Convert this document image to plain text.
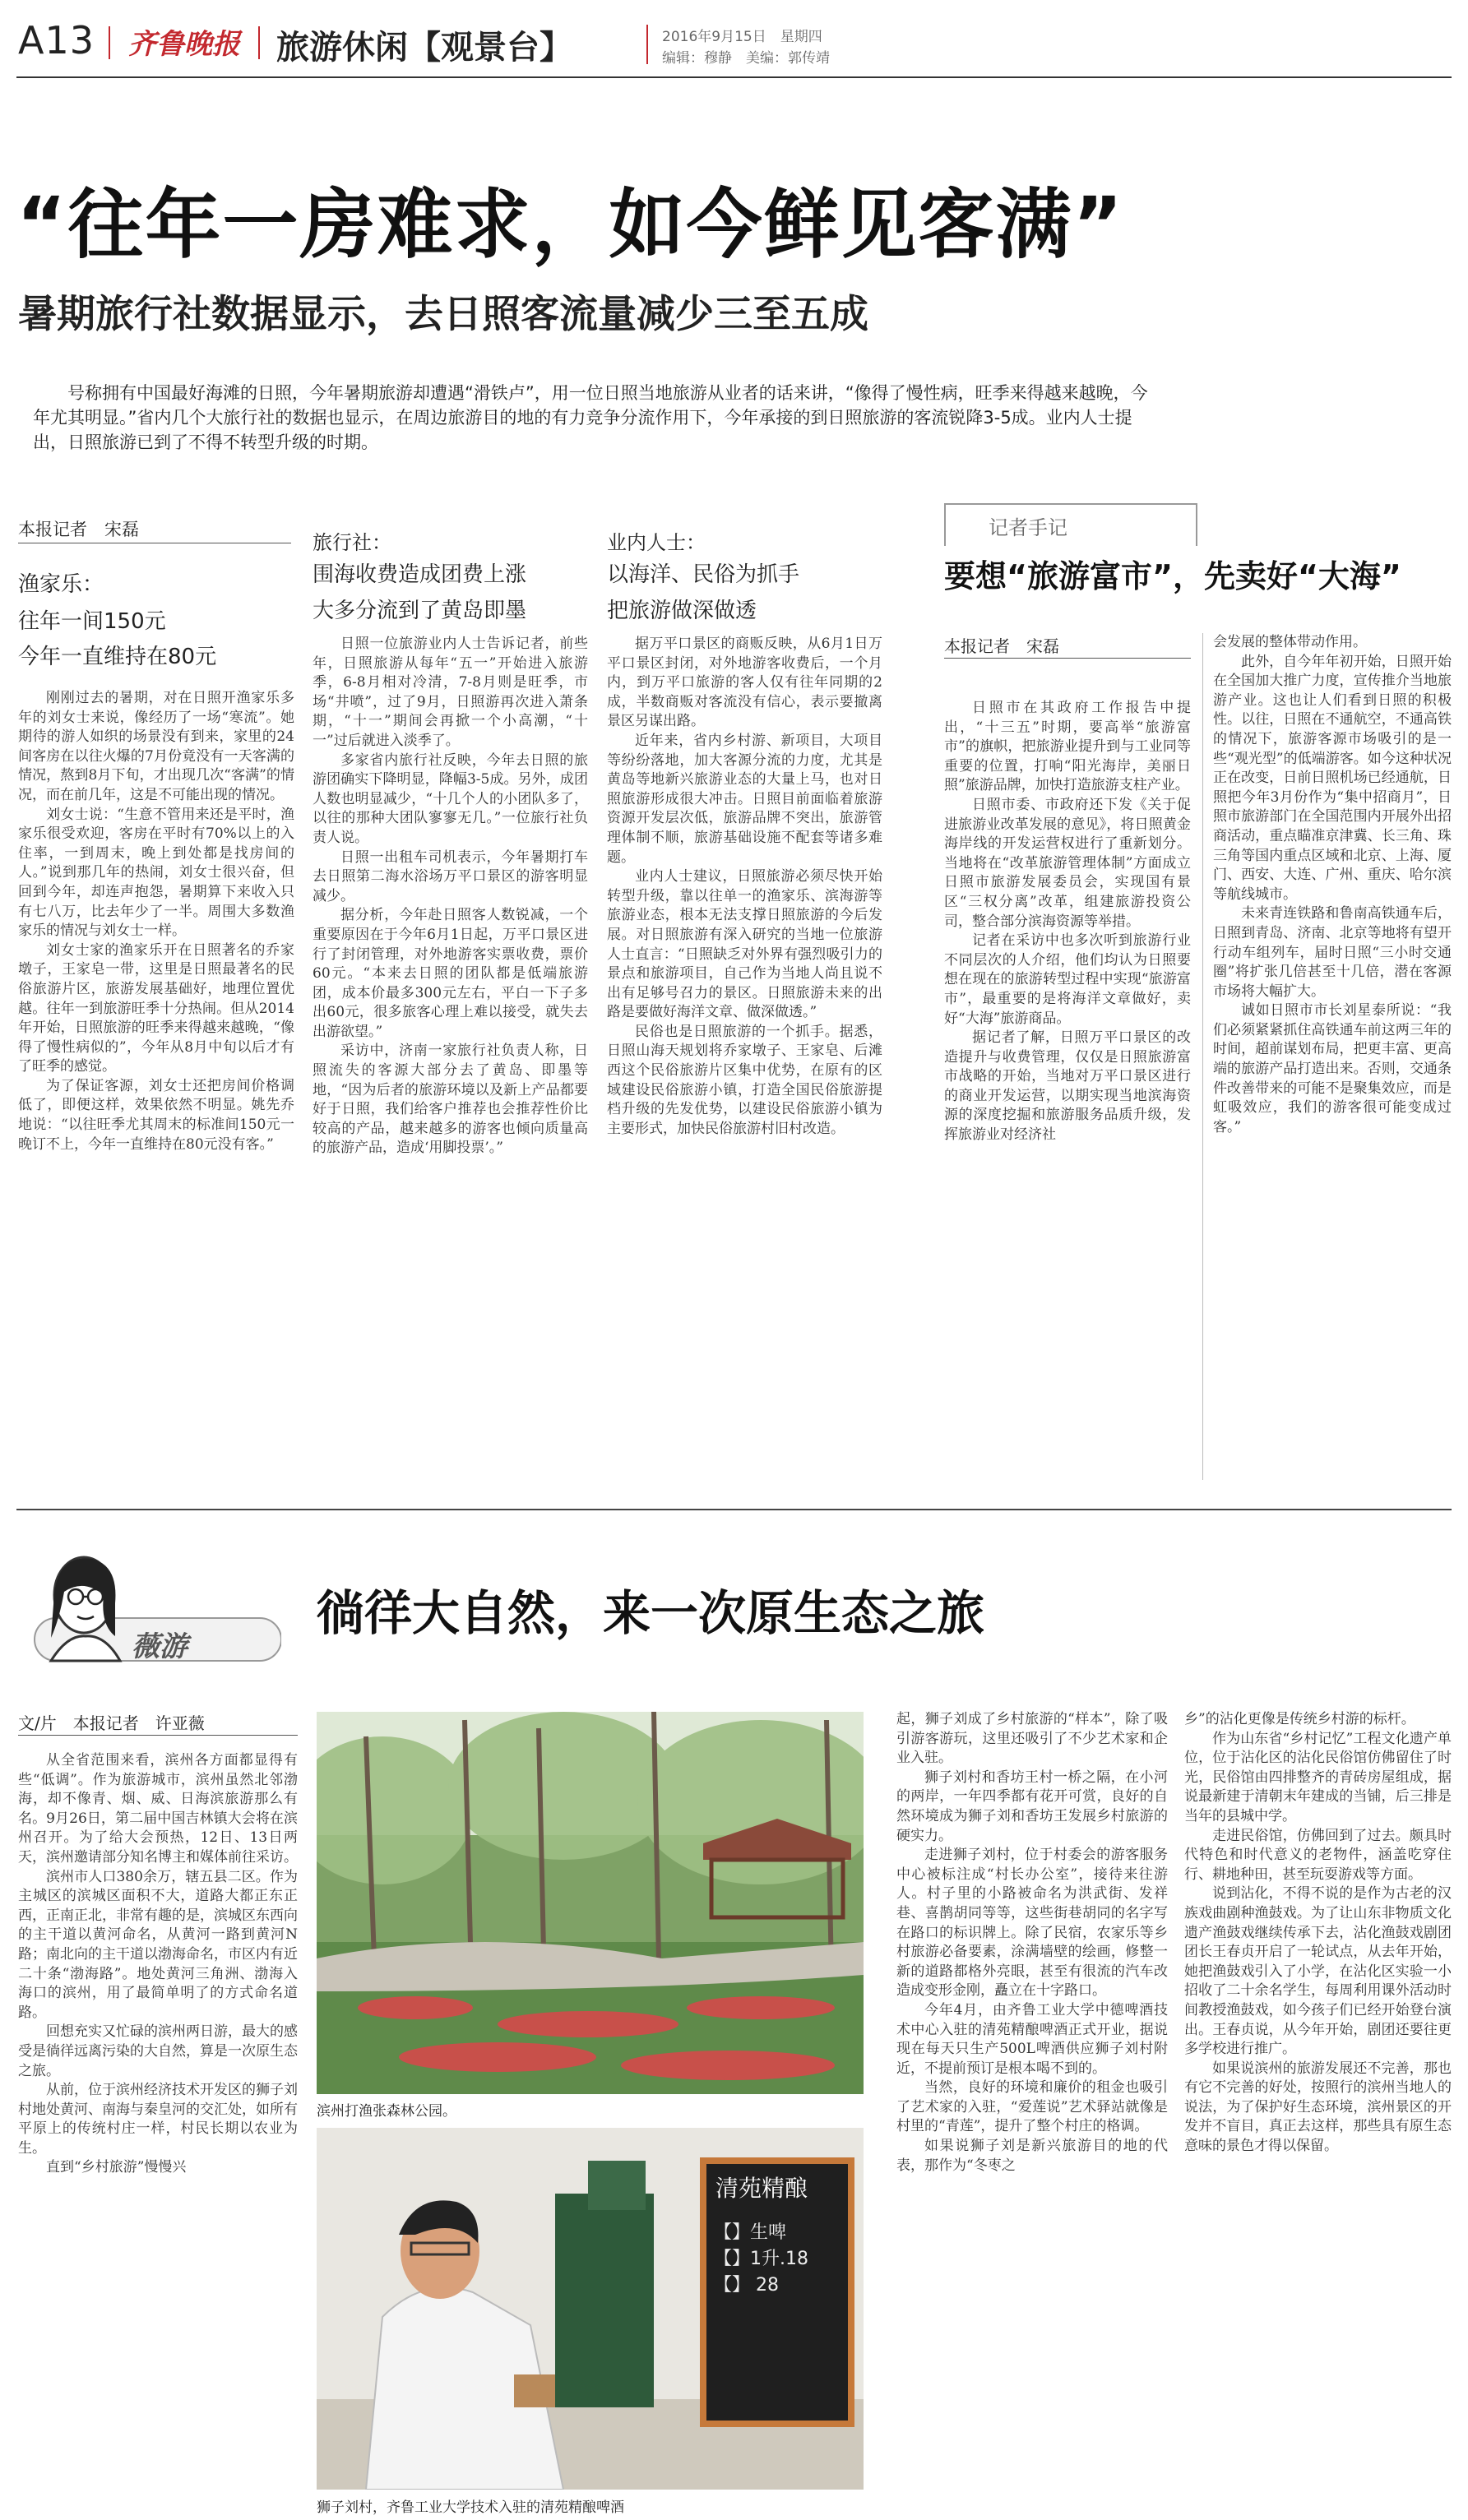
A13 齐鲁晚报 旅游休闲【观景台】	2016年9月15日　星期四
编辑：穆静　美编：郭传靖
“往年一房难求，如今鲜见客满”
暑期旅行社数据显示，去日照客流量减少三至五成
号称拥有中国最好海滩的日照，今年暑期旅游却遭遇“滑铁卢”，用一位日照当地旅游从业者的话来讲，“像得了慢性病，旺季来得越来越晚，今年尤其明显。”省内几个大旅行社的数据也显示，在周边旅游目的地的有力竞争分流作用下，今年承接的到日照旅游的客流锐降3-5成。业内人士提出，日照旅游已到了不得不转型升级的时期。
本报记者　宋磊
渔家乐：
往年一间150元
今年一直维持在80元

刚刚过去的暑期，对在日照开渔家乐多年的刘女士来说，像经历了一场“寒流”。她期待的游人如织的场景没有到来，家里的24间客房在以往火爆的7月份竟没有一天客满的情况，熬到8月下旬，才出现几次“客满”的情况，而在前几年，这是不可能出现的情况。

刘女士说：“生意不管用来还是平时，渔家乐很受欢迎，客房在平时有70%以上的入住率，一到周末，晚上到处都是找房间的人。”说到那几年的热闹，刘女士很兴奋，但回到今年，却连声抱怨，暑期算下来收入只有七八万，比去年少了一半。周围大多数渔家乐的情况与刘女士一样。

刘女士家的渔家乐开在日照著名的乔家墩子，王家皂一带，这里是日照最著名的民俗旅游片区，旅游发展基础好，地理位置优越。往年一到旅游旺季十分热闹。但从2014年开始，日照旅游的旺季来得越来越晚，“像得了慢性病似的”，今年从8月中旬以后才有了旺季的感觉。

为了保证客源，刘女士还把房间价格调低了，即便这样，效果依然不明显。姚先乔地说：“以往旺季尤其周末的标准间150元一晚订不上，今年一直维持在80元没有客。”

旅行社：
围海收费造成团费上涨
大多分流到了黄岛即墨

日照一位旅游业内人士告诉记者，前些年，日照旅游从每年“五一”开始进入旅游季，6-8月相对冷清，7-8月则是旺季，市场“井喷”，过了9月，日照游再次进入萧条期，“十一”期间会再掀一个小高潮，“十一”过后就进入淡季了。

多家省内旅行社反映，今年去日照的旅游团确实下降明显，降幅3-5成。另外，成团人数也明显减少，“十几个人的小团队多了，以往的那种大团队寥寥无几。”一位旅行社负责人说。

日照一出租车司机表示，今年暑期打车去日照第二海水浴场万平口景区的游客明显减少。

据分析，今年赴日照客人数锐减，一个重要原因在于今年6月1日起，万平口景区进行了封闭管理，对外地游客实票收费，票价60元。“本来去日照的团队都是低端旅游团，成本价最多300元左右，平白一下子多出60元，很多旅客心理上难以接受，就失去出游欲望。”

采访中，济南一家旅行社负责人称，日照流失的客源大部分去了黄岛、即墨等地，“因为后者的旅游环境以及新上产品都要好于日照，我们给客户推荐也会推荐性价比较高的产品，越来越多的游客也倾向质量高的旅游产品，造成‘用脚投票’。”

业内人士：
以海洋、民俗为抓手
把旅游做深做透

据万平口景区的商贩反映，从6月1日万平口景区封闭，对外地游客收费后，一个月内，到万平口旅游的客人仅有往年同期的2成，半数商贩对客流没有信心，表示要撤离景区另谋出路。

近年来，省内乡村游、新项目，大项目等纷纷落地，加大客源分流的力度，尤其是黄岛等地新兴旅游业态的大量上马，也对日照旅游形成很大冲击。日照目前面临着旅游资源开发层次低，旅游品牌不突出，旅游管理体制不顺，旅游基础设施不配套等诸多难题。

业内人士建议，日照旅游必须尽快开始转型升级，靠以往单一的渔家乐、滨海游等旅游业态，根本无法支撑日照旅游的今后发展。对日照旅游有深入研究的当地一位旅游人士直言：“日照缺乏对外界有强烈吸引力的景点和旅游项目，自己作为当地人尚且说不出有足够号召力的景区。日照旅游未来的出路是要做好海洋文章、做深做透。”

民俗也是日照旅游的一个抓手。据悉，日照山海天规划将乔家墩子、王家皂、后滩西这个民俗旅游片区集中优势，在原有的区域建设民俗旅游小镇，打造全国民俗旅游提档升级的先发优势，以建设民俗旅游小镇为主要形式，加快民俗旅游村旧村改造。

记者手记
要想“旅游富市”，先卖好“大海”
本报记者　宋磊

日照市在其政府工作报告中提出，“十三五”时期，要高举“旅游富市”的旗帜，把旅游业提升到与工业同等重要的位置，打响“阳光海岸，美丽日照”旅游品牌，加快打造旅游支柱产业。

日照市委、市政府还下发《关于促进旅游业改革发展的意见》，将日照黄金海岸线的开发运营权进行了重新划分。当地将在“改革旅游管理体制”方面成立日照市旅游发展委员会，实现国有景区“三权分离”改革，组建旅游投资公司，整合部分滨海资源等举措。

记者在采访中也多次听到旅游行业不同层次的人介绍，他们均认为日照要想在现在的旅游转型过程中实现“旅游富市”，最重要的是将海洋文章做好，卖好“大海”旅游商品。

据记者了解，日照万平口景区的改造提升与收费管理，仅仅是日照旅游富市战略的开始，当地对万平口景区进行的商业开发运营，以期实现当地滨海资源的深度挖掘和旅游服务品质升级，发挥旅游业对经济社

会发展的整体带动作用。

此外，自今年年初开始，日照开始在全国加大推广力度，宣传推介当地旅游产业。这也让人们看到日照的积极性。以往，日照在不通航空，不通高铁的情况下，旅游客源市场吸引的是一些“观光型”的低端游客。如今这种状况正在改变，日前日照机场已经通航，日照把今年3月份作为“集中招商月”，日照市旅游部门在全国范围内开展外出招商活动，重点瞄准京津冀、长三角、珠三角等国内重点区域和北京、上海、厦门、西安、大连、广州、重庆、哈尔滨等航线城市。

未来青连铁路和鲁南高铁通车后，日照到青岛、济南、北京等地将有望开行动车组列车，届时日照“三小时交通圈”将扩张几倍甚至十几倍，潜在客源市场将大幅扩大。

诚如日照市市长刘星泰所说：“我们必须紧紧抓住高铁通车前这两三年的时间，超前谋划布局，把更丰富、更高端的旅游产品打造出来。否则，交通条件改善带来的可能不是聚集效应，而是虹吸效应，我们的游客很可能变成过客。”

薇游
徜徉大自然，来一次原生态之旅
文/片　本报记者　许亚薇

从全省范围来看，滨州各方面都显得有些“低调”。作为旅游城市，滨州虽然北邻渤海，却不像青、烟、威、日海滨旅游那么有名。9月26日，第二届中国吉林镇大会将在滨州召开。为了给大会预热，12日、13日两天，滨州邀请部分知名博主和媒体前往采访。

滨州市人口380余万，辖五县二区。作为主城区的滨城区面积不大，道路大都正东正西，正南正北，非常有趣的是，滨城区东西向的主干道以黄河命名，从黄河一路到黄河N路；南北向的主干道以渤海命名，市区内有近二十条“渤海路”。地处黄河三角洲、渤海入海口的滨州，用了最简单明了的方式命名道路。

回想充实又忙碌的滨州两日游，最大的感受是徜徉远离污染的大自然，算是一次原生态之旅。

从前，位于滨州经济技术开发区的狮子刘村地处黄河、南海与秦皇河的交汇处，如所有平原上的传统村庄一样，村民长期以农业为生。

直到“乡村旅游”慢慢兴

滨州打渔张森林公园。
清苑精酿
【】生啤
【】1升.18
【】 28
狮子刘村，齐鲁工业大学技术入驻的清苑精酿啤酒

起，狮子刘成了乡村旅游的“样本”，除了吸引游客游玩，这里还吸引了不少艺术家和企业入驻。

狮子刘村和香坊王村一桥之隔，在小河的两岸，一年四季都有花开可赏，良好的自然环境成为狮子刘和香坊王发展乡村旅游的硬实力。

走进狮子刘村，位于村委会的游客服务中心被标注成“村长办公室”，接待来往游人。村子里的小路被命名为洪武街、发祥巷、喜鹊胡同等等，这些街巷胡同的名字写在路口的标识牌上。除了民宿，农家乐等乡村旅游必备要素，涂满墙壁的绘画，修整一新的道路都格外亮眼，甚至有很流的汽车改造成变形金刚，矗立在十字路口。

今年4月，由齐鲁工业大学中德啤酒技术中心入驻的清苑精酿啤酒正式开业，据说现在每天只生产500L啤酒供应狮子刘村附近，不提前预订是根本喝不到的。

当然，良好的环境和廉价的租金也吸引了艺术家的入驻，“爱莲说”艺术驿站就像是村里的“青莲”，提升了整个村庄的格调。

如果说狮子刘是新兴旅游目的地的代表，那作为“冬枣之

乡”的沾化更像是传统乡村游的标杆。

作为山东省“乡村记忆”工程文化遗产单位，位于沾化区的沾化民俗馆仿佛留住了时光，民俗馆由四排整齐的青砖房屋组成，据说最新建于清朝末年建成的当铺，后三排是当年的县城中学。

走进民俗馆，仿佛回到了过去。颇具时代特色和时代意义的老物件，涵盖吃穿住行、耕地种田，甚至玩耍游戏等方面。

说到沾化，不得不说的是作为古老的汉族戏曲剧种渔鼓戏。为了让山东非物质文化遗产渔鼓戏继续传承下去，沾化渔鼓戏剧团团长王春贞开启了一轮试点，从去年开始，她把渔鼓戏引入了小学，在沾化区实验一小招收了二十余名学生，每周利用课外活动时间教授渔鼓戏，如今孩子们已经开始登台演出。王春贞说，从今年开始，剧团还要往更多学校进行推广。

如果说滨州的旅游发展还不完善，那也有它不完善的好处，按照行的滨州当地人的说法，为了保护好生态环境，滨州景区的开发并不盲目，真正去这样，那些具有原生态意味的景色才得以保留。
